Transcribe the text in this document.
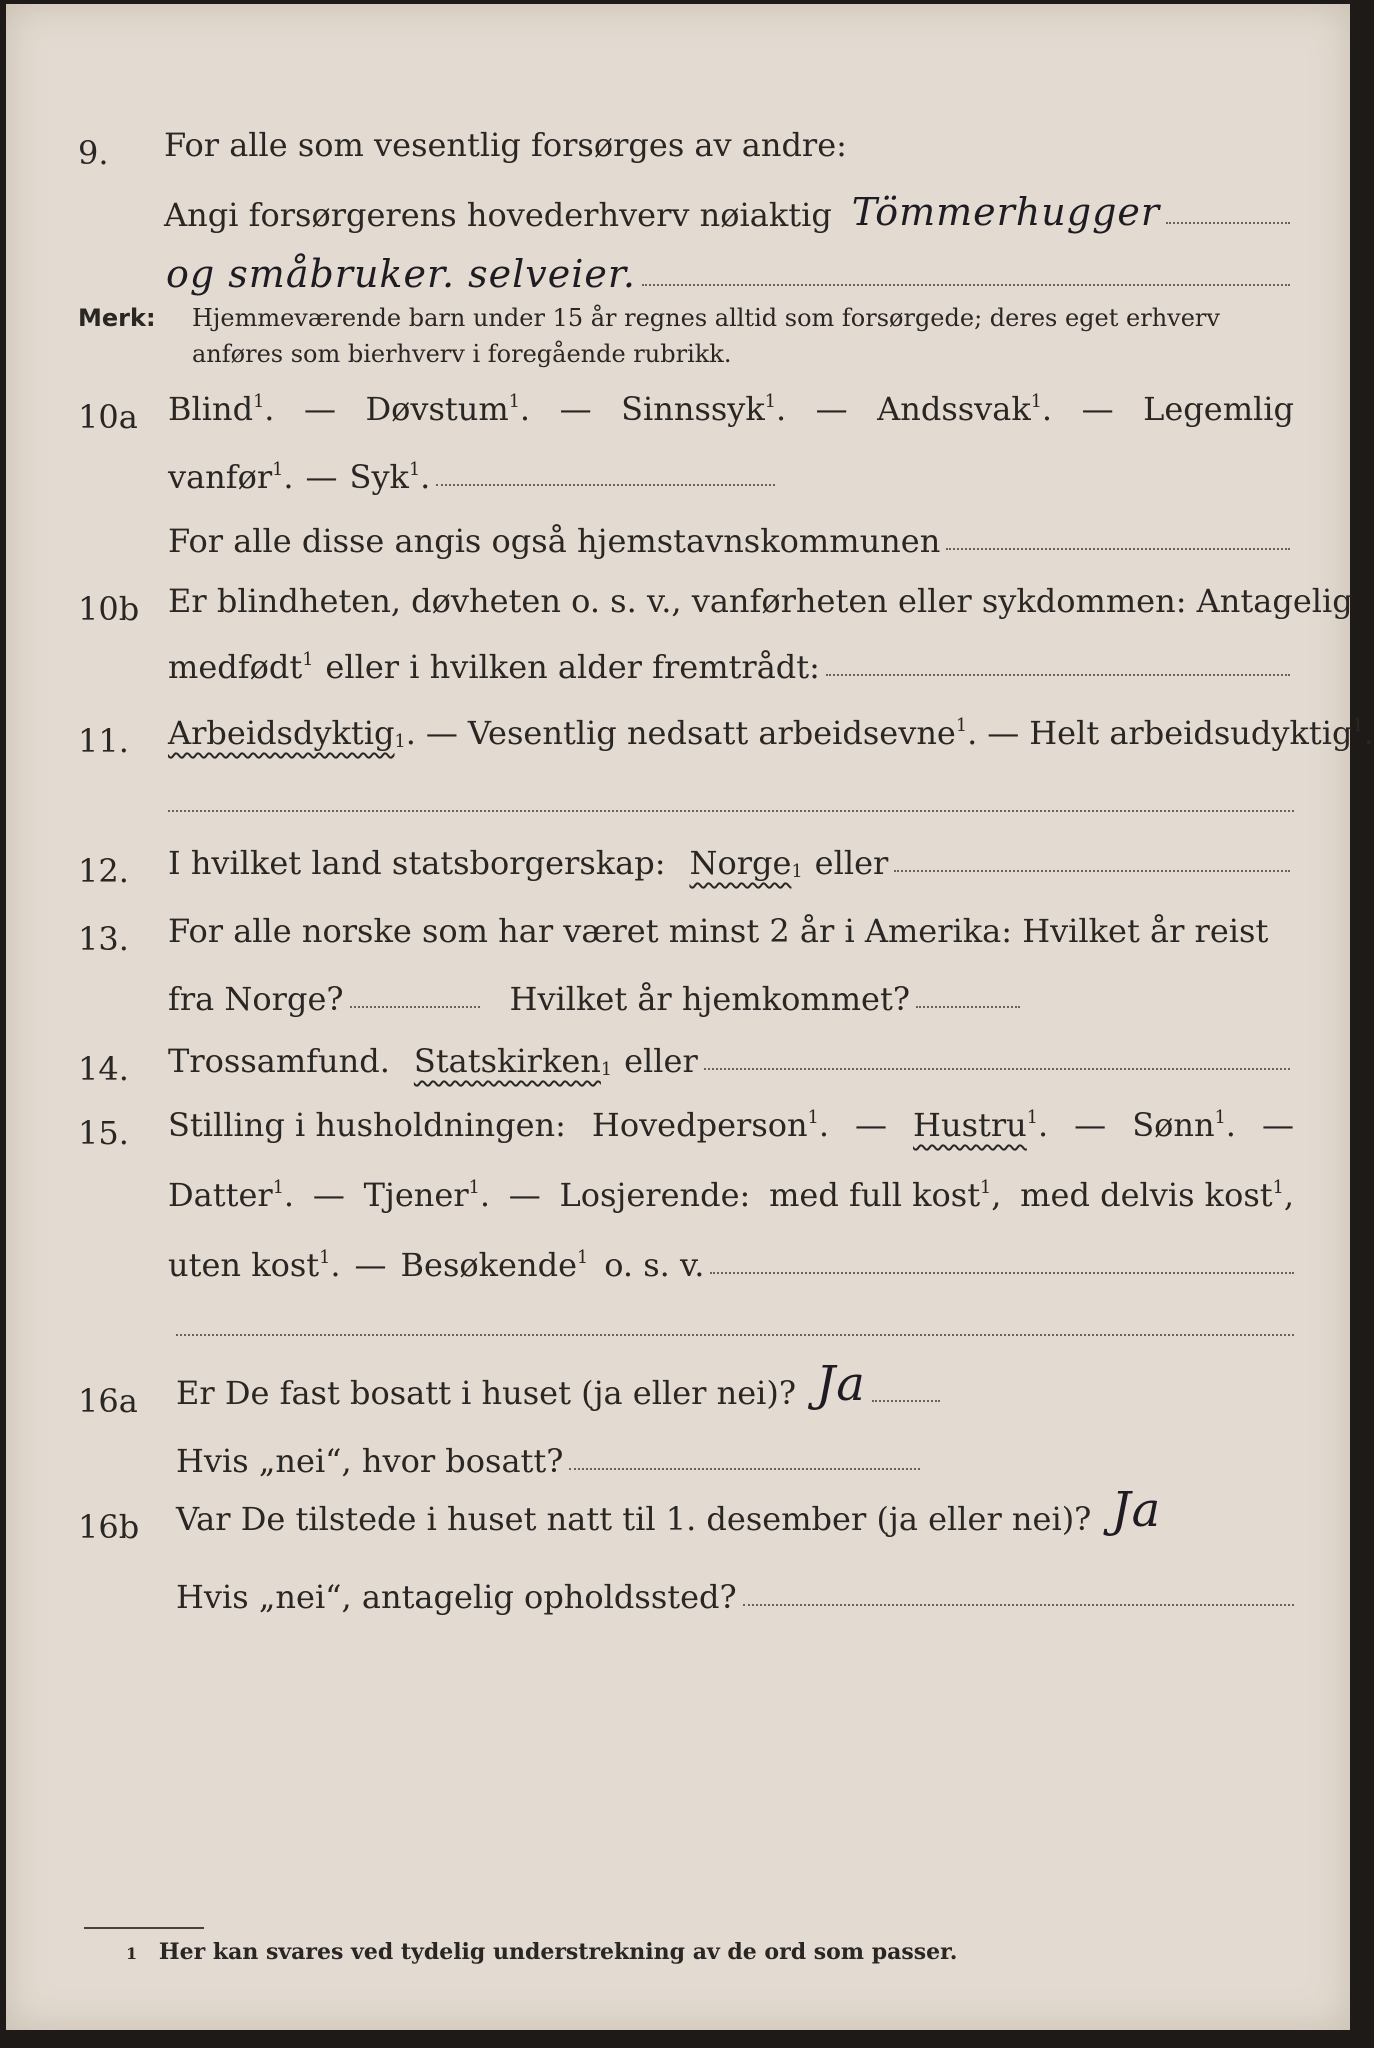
9.	For alle som vesentlig forsørges av andre:
Angi forsørgerens hovederhverv nøiaktig Tömmerhugger
og småbruker. selveier.
Merk: Hjemmeværende barn under 15 år regnes alltid som forsørgede; deres eget erhverv
anføres som bierhverv i foregående rubrikk.
10a Blind$^1$. — Døvstum$^1$. — Sinnssyk$^1$. — Andssvak$^1$. — Legemlig
vanfør$^1$. — Syk$^1$.
For alle disse angis også hjemstavnskommunen
10b Er blindheten, døvheten o. s. v., vanførheten eller sykdommen: Antagelig
medfødt$^1$ eller i hvilken alder fremtrådt:
11.	Arbeidsdyktig$_1$ . — Vesentlig nedsatt arbeidsevne$^1$. — Helt arbeidsudyktig$^1$.
12.	I hvilket land statsborgerskap: Norge$_1$ eller
13.	For alle norske som har været minst 2 år i Amerika: Hvilket år reist
fra Norge?	Hvilket år hjemkommet?
14.	Trossamfund. Statskirken$_1$ eller
15.	Stilling i husholdningen: Hovedperson$^1$. — Hustru$^1$. — Sønn$^1$. —
Datter$^1$. — Tjener$^1$. — Losjerende: med full kost$^1$, med delvis kost$^1$,
uten kost$^1$. — Besøkende$^1$ o. s. v.
16a	Er De fast bosatt i huset (ja eller nei)? Ja
Hvis „nei“, hvor bosatt?
16b	Var De tilstede i huset natt til 1. desember (ja eller nei)? Ja
Hvis „nei“, antagelig opholdssted?
1 Her kan svares ved tydelig understrekning av de ord som passer.
